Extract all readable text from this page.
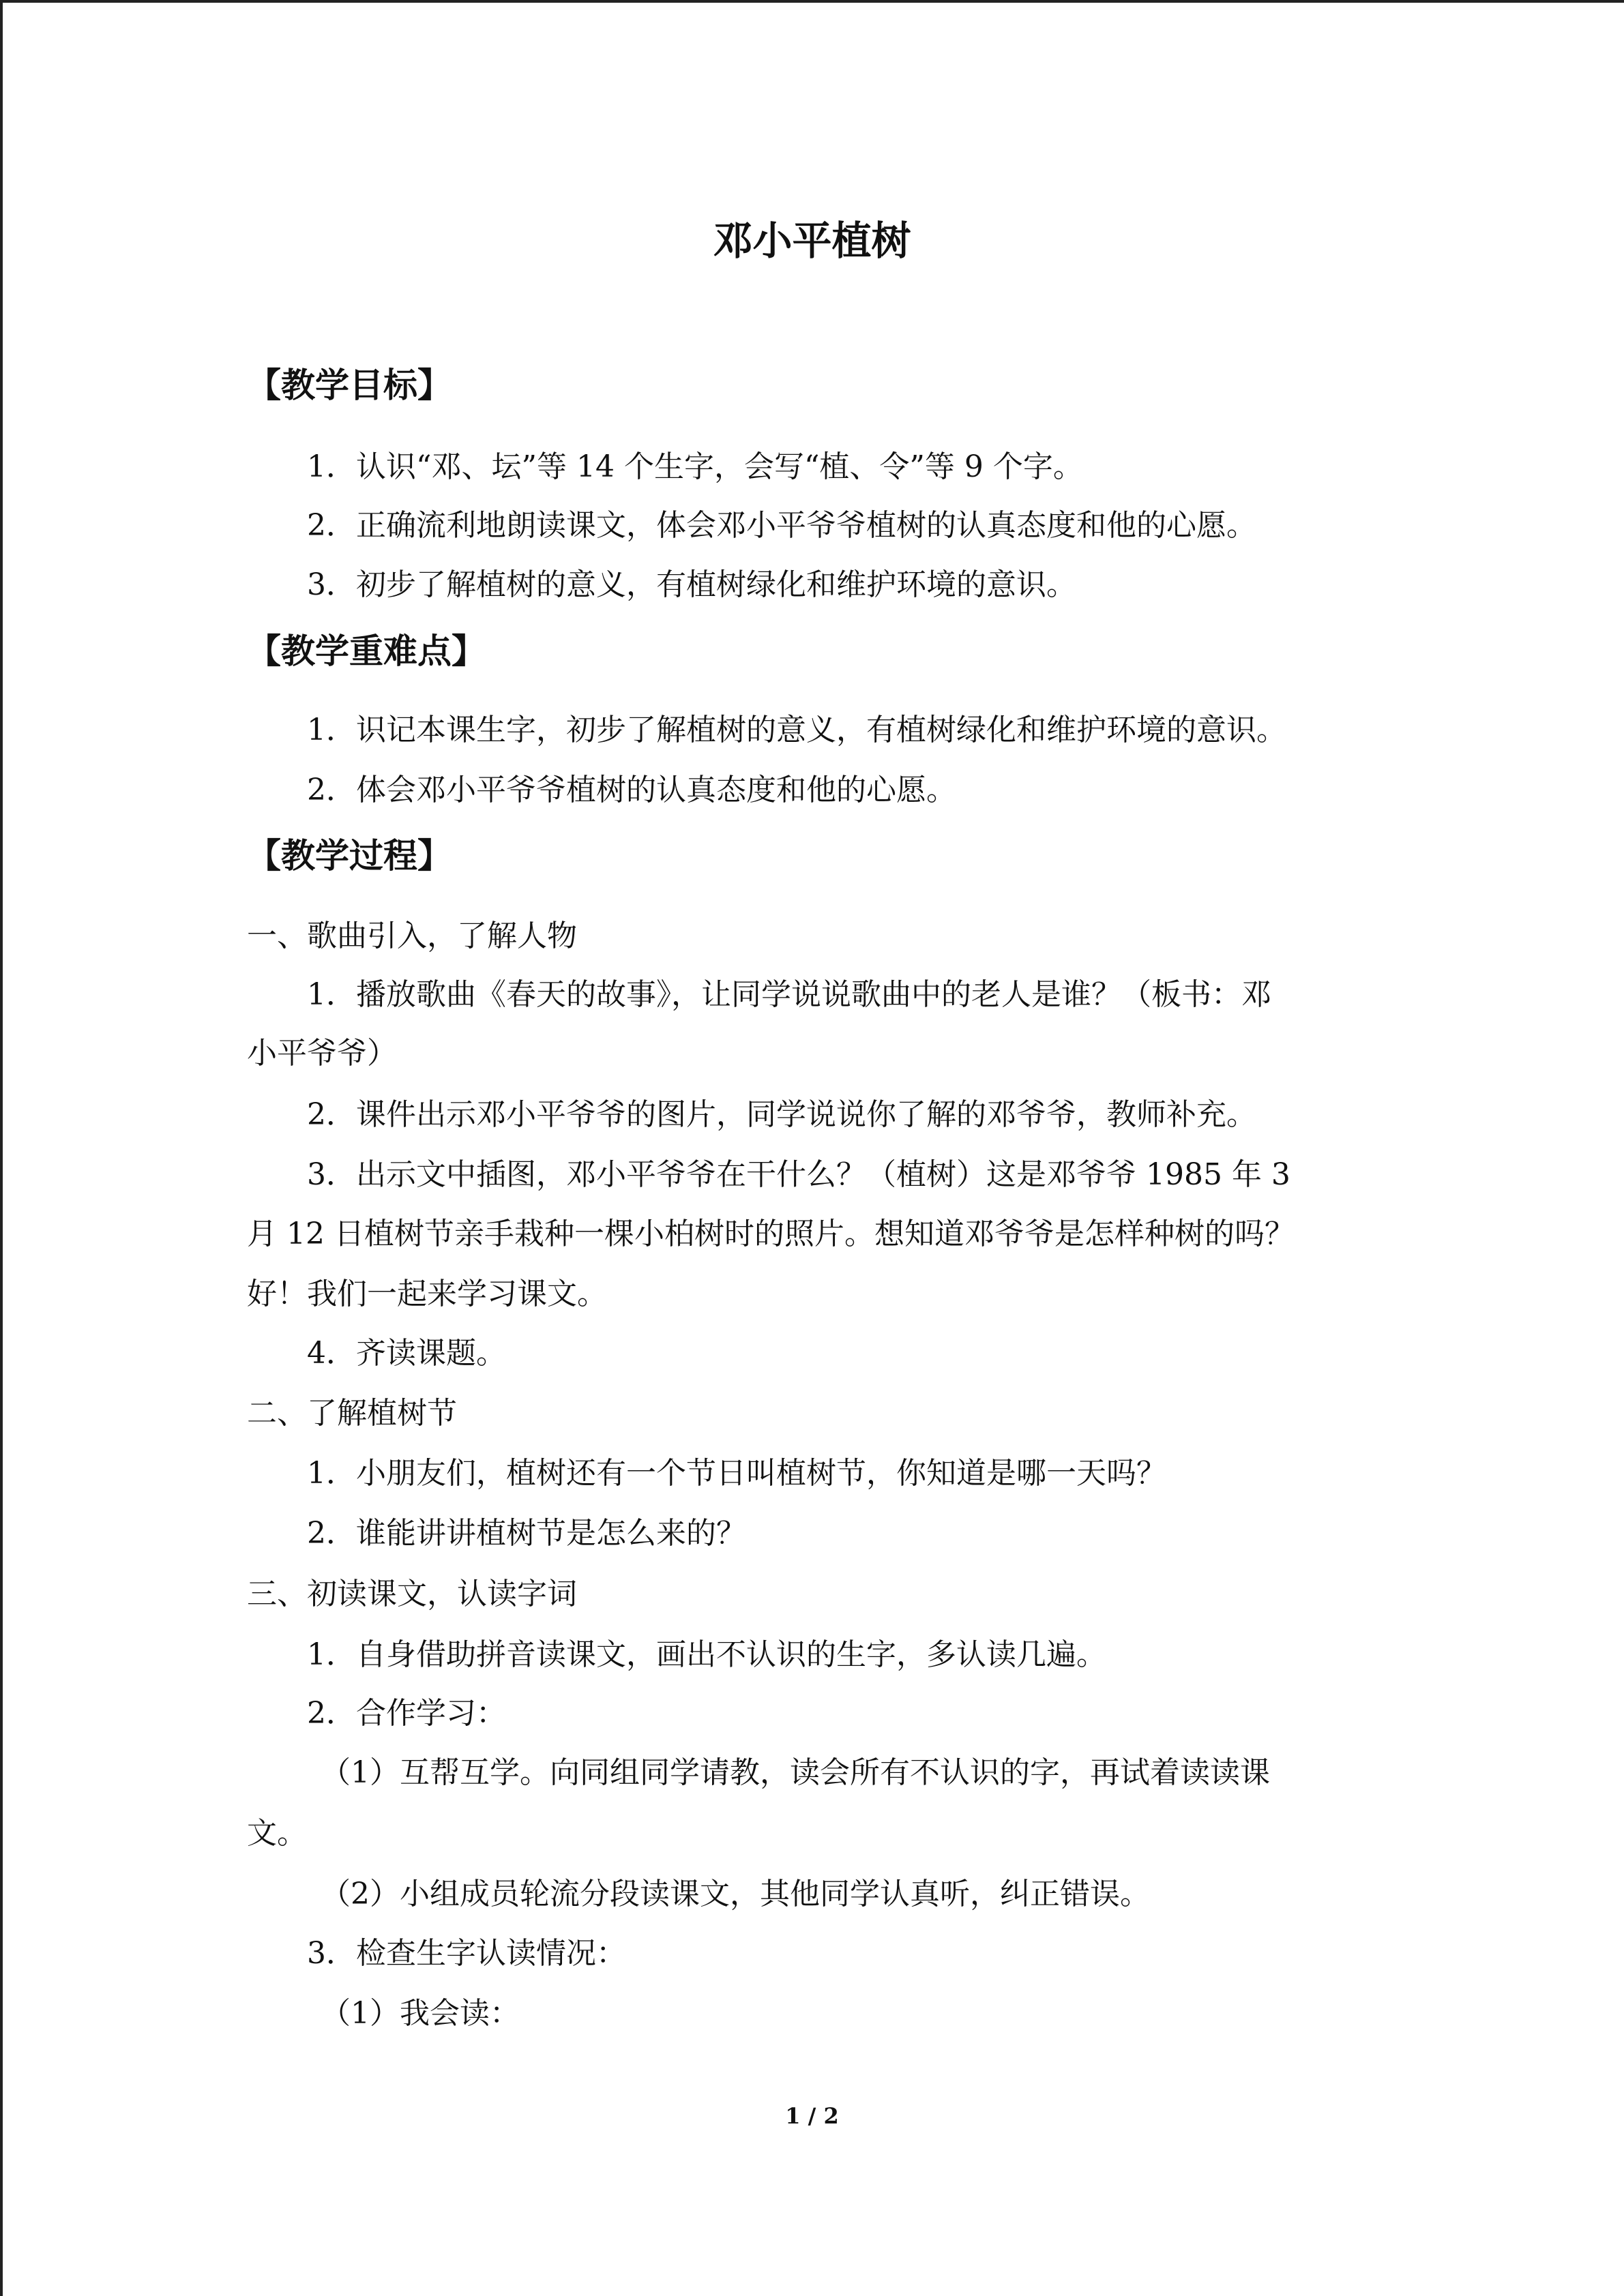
邓小平植树
【教学目标】
1．认识“邓、坛”等 14 个生字，会写“植、令”等 9 个字。
2．正确流利地朗读课文，体会邓小平爷爷植树的认真态度和他的心愿。
3．初步了解植树的意义，有植树绿化和维护环境的意识。
【教学重难点】
1．识记本课生字，初步了解植树的意义，有植树绿化和维护环境的意识。
2．体会邓小平爷爷植树的认真态度和他的心愿。
【教学过程】
一、歌曲引入，了解人物
1．播放歌曲《春天的故事》，让同学说说歌曲中的老人是谁？（板书：邓
小平爷爷）
2．课件出示邓小平爷爷的图片，同学说说你了解的邓爷爷，教师补充。
3．出示文中插图，邓小平爷爷在干什么？（植树）这是邓爷爷 1985 年 3
月 12 日植树节亲手栽种一棵小柏树时的照片。想知道邓爷爷是怎样种树的吗？
好！我们一起来学习课文。
4．齐读课题。
二、了解植树节
1．小朋友们，植树还有一个节日叫植树节，你知道是哪一天吗？
2．谁能讲讲植树节是怎么来的？
三、初读课文，认读字词
1．自身借助拼音读课文，画出不认识的生字，多认读几遍。
2．合作学习：
（1）互帮互学。向同组同学请教，读会所有不认识的字，再试着读读课
文。
（2）小组成员轮流分段读课文，其他同学认真听，纠正错误。
3．检查生字认读情况：
（1）我会读：
1 / 2
